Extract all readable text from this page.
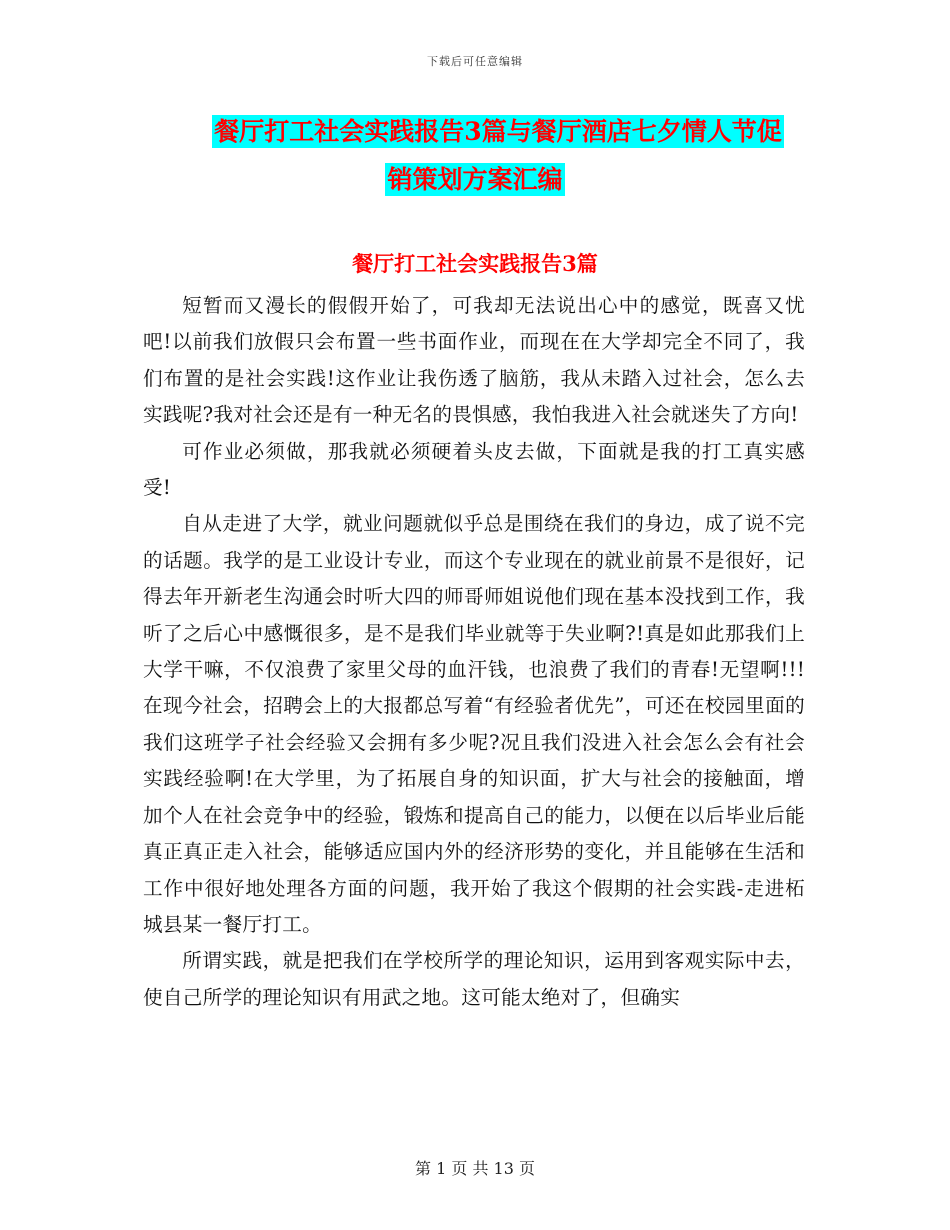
下载后可任意编辑
餐厅打工社会实践报告3篇与餐厅酒店七夕情人节促
销策划方案汇编
餐厅打工社会实践报告3篇

短暂而又漫长的假假开始了，可我却无法说出心中的感觉，既喜又忧吧!以前我们放假只会布置一些书面作业，而现在在大学却完全不同了，我们布置的是社会实践!这作业让我伤透了脑筋，我从未踏入过社会，怎么去实践呢?我对社会还是有一种无名的畏惧感，我怕我进入社会就迷失了方向!

可作业必须做，那我就必须硬着头皮去做，下面就是我的打工真实感受!

自从走进了大学，就业问题就似乎总是围绕在我们的身边，成了说不完的话题。我学的是工业设计专业，而这个专业现在的就业前景不是很好，记得去年开新老生沟通会时听大四的师哥师姐说他们现在基本没找到工作，我听了之后心中感慨很多，是不是我们毕业就等于失业啊?!真是如此那我们上大学干嘛，不仅浪费了家里父母的血汗钱，也浪费了我们的青春!无望啊!!!在现今社会，招聘会上的大报都总写着“有经验者优先”，可还在校园里面的我们这班学子社会经验又会拥有多少呢?况且我们没进入社会怎么会有社会实践经验啊!在大学里，为了拓展自身的知识面，扩大与社会的接触面，增加个人在社会竞争中的经验，锻炼和提高自己的能力，以便在以后毕业后能真正真正走入社会，能够适应国内外的经济形势的变化，并且能够在生活和工作中很好地处理各方面的问题，我开始了我这个假期的社会实践-走进柘城县某一餐厅打工。

所谓实践，就是把我们在学校所学的理论知识，运用到客观实际中去，使自己所学的理论知识有用武之地。这可能太绝对了，但确实

第 1 页 共 13 页
